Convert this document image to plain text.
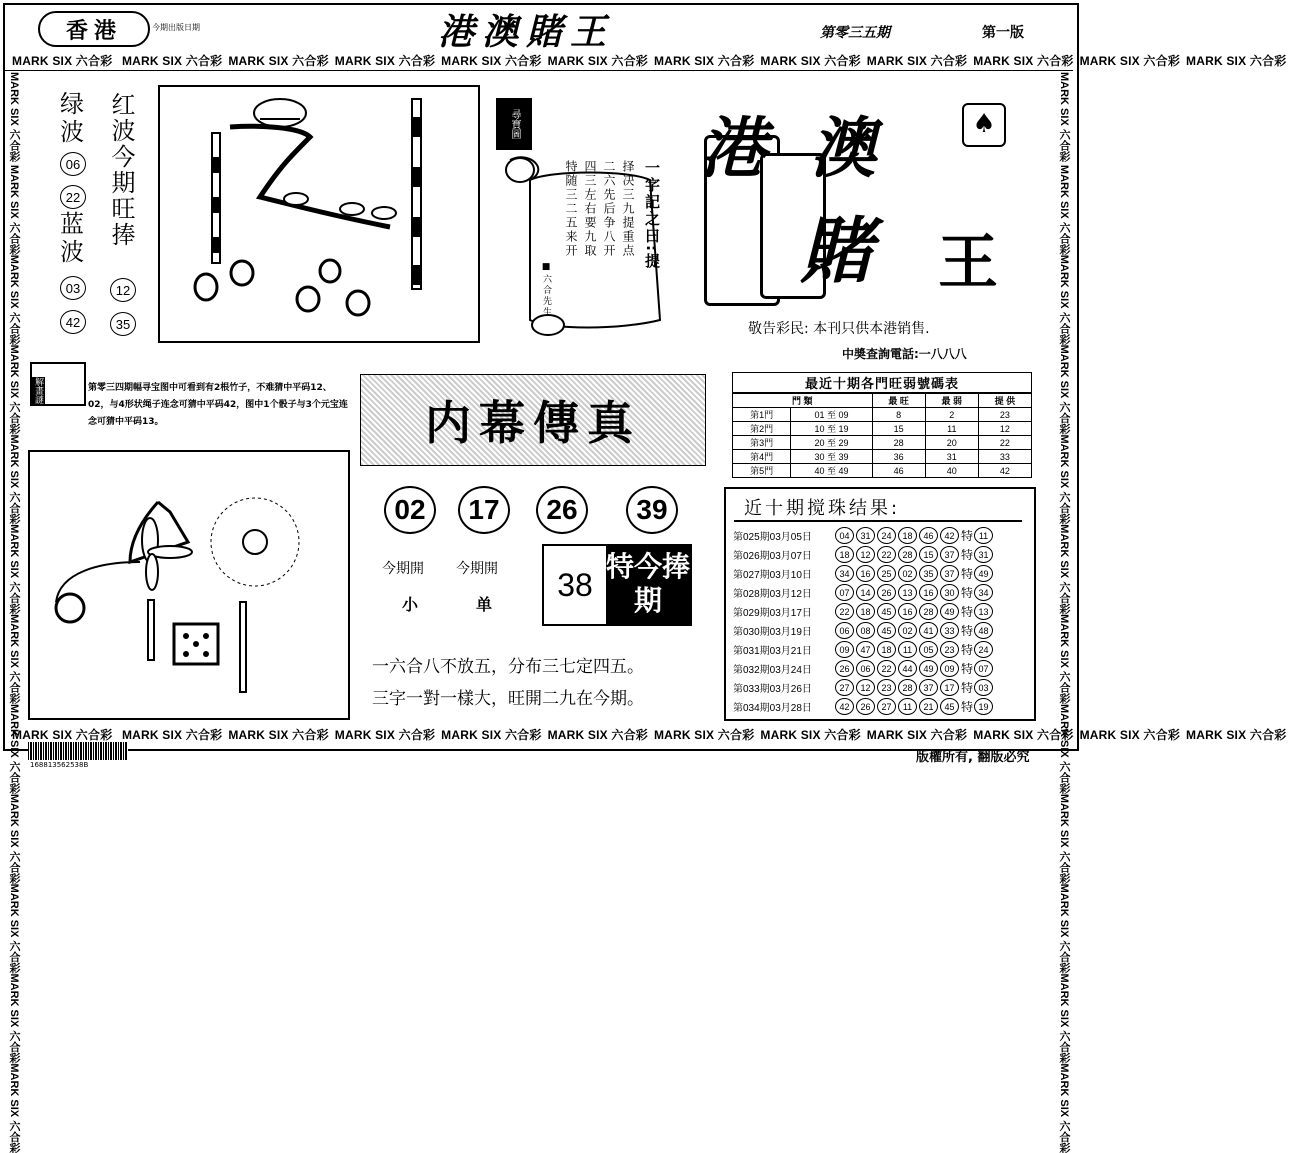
香港	今期出版日期	港澳賭王	第零三五期	第一版
MARK SIX 六合彩 MARK SIX 六合彩 MARK SIX 六合彩 MARK SIX 六合彩 MARK SIX 六合彩 MARK SIX 六合彩 MARK SIX 六合彩 MARK SIX 六合彩 MARK SIX 六合彩 MARK SIX 六合彩 MARK SIX 六合彩 MARK SIX 六合彩
MARK SIX 六合彩 MARK SIX 六合彩 MARK SIX 六合彩 MARK SIX 六合彩 MARK SIX 六合彩 MARK SIX 六合彩 MARK SIX 六合彩 MARK SIX 六合彩 MARK SIX 六合彩 MARK SIX 六合彩 MARK SIX 六合彩 MARK SIX 六合彩
MARK SIX 六合彩 MARK SIX 六合彩MARK SIX 六合彩MARK SIX 六合彩MARK SIX 六合彩MARK SIX 六合彩MARK SIX 六合彩MARK SIX 六合彩MARK SIX 六合彩MARK SIX 六合彩MARK SIX 六合彩MARK SIX 六合彩
MARK SIX 六合彩 MARK SIX 六合彩MARK SIX 六合彩MARK SIX 六合彩MARK SIX 六合彩MARK SIX 六合彩MARK SIX 六合彩MARK SIX 六合彩MARK SIX 六合彩MARK SIX 六合彩MARK SIX 六合彩MARK SIX 六合彩
绿
波
06
22
蓝
波
03
42
红波今期旺捧
12
35
尋寶圖
一字記之曰:提
择决三九提重点
二六先后争八开
四三左右要九取
特随三二五来开
■六合先生
港 澳
賭 王
♠
敬告彩民: 本刊只供本港销售.
中奬查詢電話:一八八八
解畫謎	第零三四期幅寻宝图中可看到有2根竹子，不难猜中平码12、02，与4形状绳子连念可猜中平码42，图中1个骰子与3个元宝连念可猜中平码13。	内幕傳真
02	17	26	39
今期開
小
今期開
单
38 特今捧期
一六合八不放五，分布三七定四五。
三字一對一樣大，旺開二九在今期。
最近十期各門旺弱號碼表
門 類		最 旺	最 弱	提 供
第1門	01 至 09	8	2	23
第2門	10 至 19	15	11	12
第3門	20 至 29	28	20	22
第4門	30 至 39	36	31	33
第5門	40 至 49	46	40	42
近十期搅珠结果:
第025期03月05日	04	31	24	18	46	42 特 11
第026期03月07日	18	12	22	28	15	37 特 31
第027期03月10日	34	16	25	02	35	37 特 49
第028期03月12日	07	14	26	13	16	30 特 34
第029期03月17日	22	18	45	16	28	49 特 13
第030期03月19日	06	08	45	02	41	33 特 48
第031期03月21日	09	47	18	11	05	23 特 24
第032期03月24日	26	06	22	44	49	09 特 07
第033期03月26日	27	12	23	28	37	17 特 03
第034期03月28日	42	26	27	11	21	45 特 19
168813562538B	版權所有, 翻版必究
